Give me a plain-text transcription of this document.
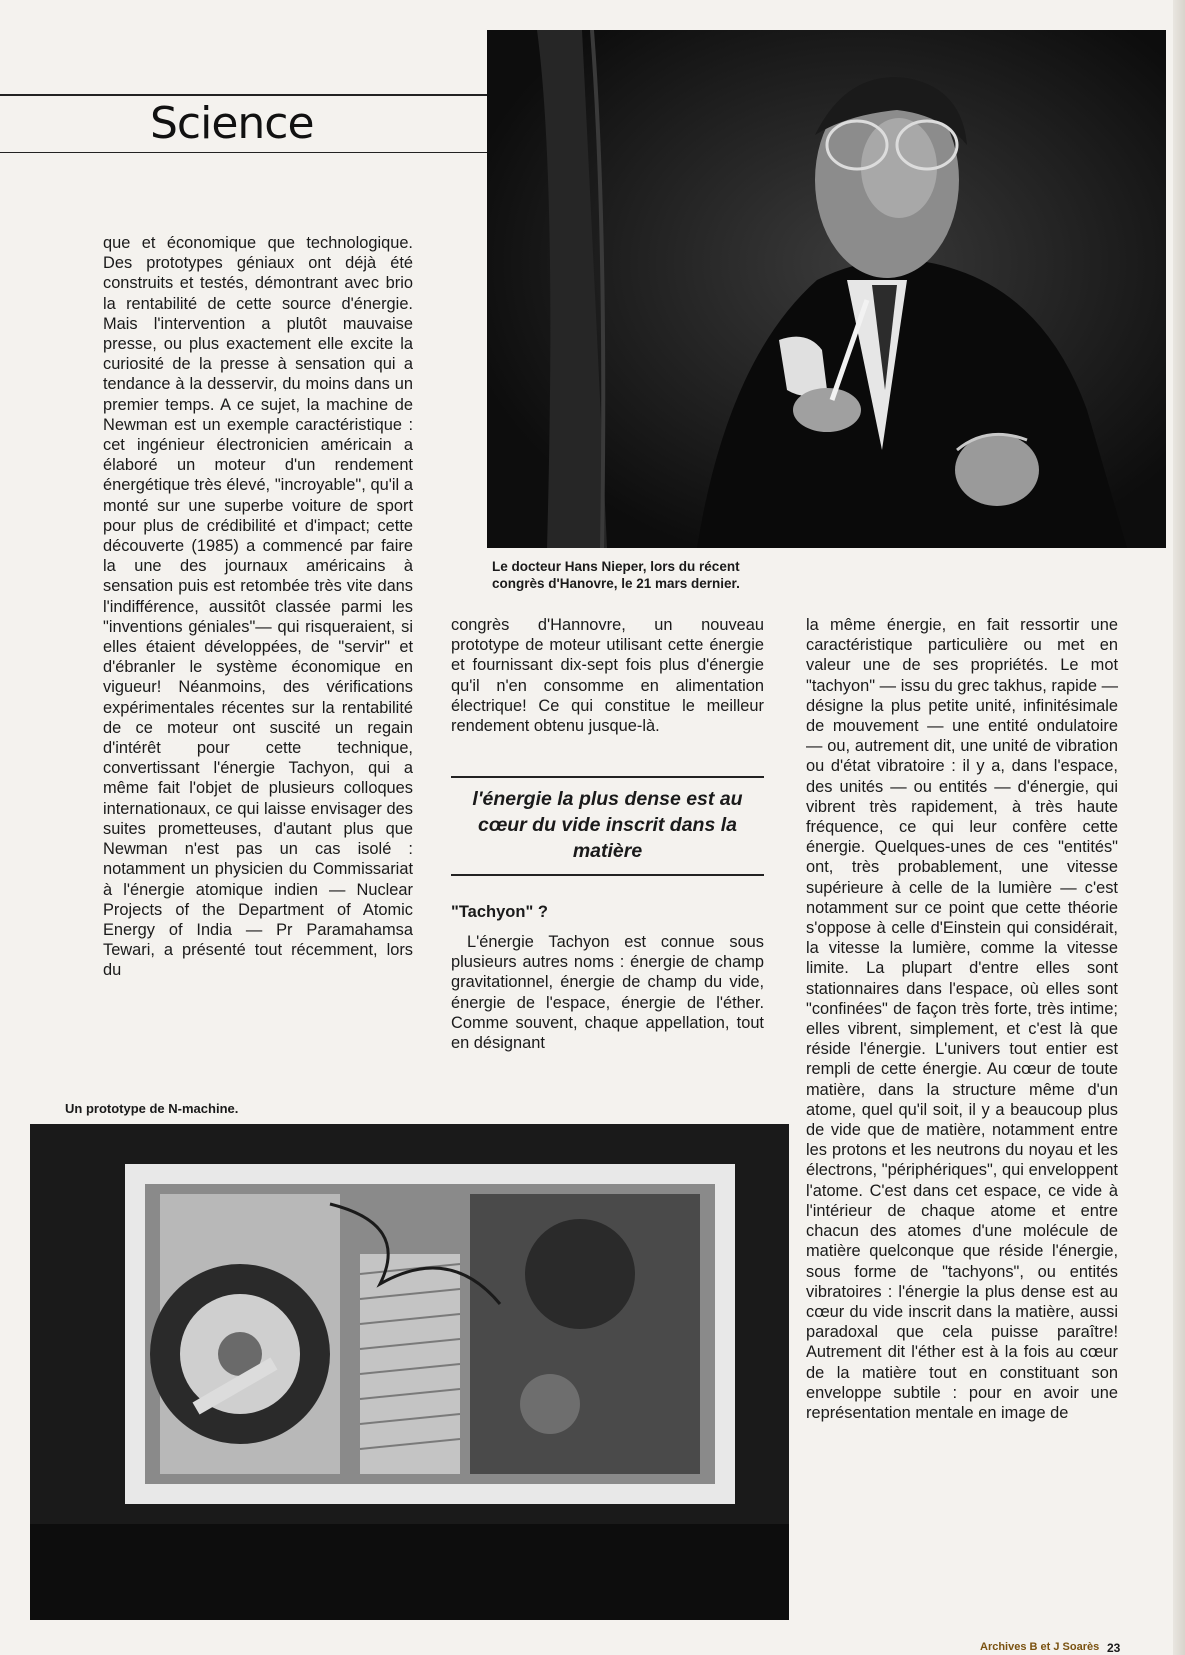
Science

Le docteur Hans Nieper, lors du récent
congrès d'Hanovre, le 21 mars dernier.

que et économique que technologique. Des prototypes géniaux ont déjà été construits et testés, démontrant avec brio la rentabilité de cette source d'énergie. Mais l'intervention a plutôt mauvaise presse, ou plus exactement elle excite la curiosité de la presse à sensation qui a tendance à la desservir, du moins dans un premier temps. A ce sujet, la machine de Newman est un exemple caractéristique : cet ingénieur électronicien américain a élaboré un moteur d'un rendement énergétique très élevé, "incroyable", qu'il a monté sur une superbe voiture de sport pour plus de crédibilité et d'impact; cette découverte (1985) a commencé par faire la une des journaux américains à sensation puis est retombée très vite dans l'indifférence, aussitôt classée parmi les "inventions géniales"— qui risqueraient, si elles étaient développées, de "servir" et d'ébranler le système économique en vigueur! Néanmoins, des vérifications expérimentales récentes sur la rentabilité de ce moteur ont suscité un regain d'intérêt pour cette technique, convertissant l'énergie Tachyon, qui a même fait l'objet de plusieurs colloques internationaux, ce qui laisse envisager des suites prometteuses, d'autant plus que Newman n'est pas un cas isolé : notamment un physicien du Commissariat à l'énergie atomique indien — Nuclear Projects of the Department of Atomic Energy of India — Pr Paramahamsa Tewari, a présenté tout récemment, lors du

congrès d'Hannovre, un nouveau prototype de moteur utilisant cette énergie et fournissant dix-sept fois plus d'énergie qu'il n'en consomme en alimentation électrique! Ce qui constitue le meilleur rendement obtenu jusque-là.

l'énergie la plus dense est au cœur du vide inscrit dans la matière

"Tachyon" ?

L'énergie Tachyon est connue sous plusieurs autres noms : énergie de champ gravitationnel, énergie de champ du vide, énergie de l'espace, énergie de l'éther. Comme souvent, chaque appellation, tout en désignant

la même énergie, en fait ressortir une caractéristique particulière ou met en valeur une de ses propriétés. Le mot "tachyon" — issu du grec takhus, rapide — désigne la plus petite unité, infinitésimale de mouvement — une entité ondulatoire — ou, autrement dit, une unité de vibration ou d'état vibratoire : il y a, dans l'espace, des unités — ou entités — d'énergie, qui vibrent très rapidement, à très haute fréquence, ce qui leur confère cette énergie. Quelques-unes de ces "entités" ont, très probablement, une vitesse supérieure à celle de la lumière — c'est notamment sur ce point que cette théorie s'oppose à celle d'Einstein qui considérait, la vitesse la lumière, comme la vitesse limite. La plupart d'entre elles sont stationnaires dans l'espace, où elles sont "confinées" de façon très forte, très intime; elles vibrent, simplement, et c'est là que réside l'énergie. L'univers tout entier est rempli de cette énergie. Au cœur de toute matière, dans la structure même d'un atome, quel qu'il soit, il y a beaucoup plus de vide que de matière, notamment entre les protons et les neutrons du noyau et les électrons, "périphériques", qui enveloppent l'atome. C'est dans cet espace, ce vide à l'intérieur de chaque atome et entre chacun des atomes d'une molécule de matière quelconque que réside l'énergie, sous forme de "tachyons", ou entités vibratoires : l'énergie la plus dense est au cœur du vide inscrit dans la matière, aussi paradoxal que cela puisse paraître! Autrement dit l'éther est à la fois au cœur de la matière tout en constituant son enveloppe subtile : pour en avoir une représentation mentale en image de

Un prototype de N-machine.

Archives B et J Soarès 23
